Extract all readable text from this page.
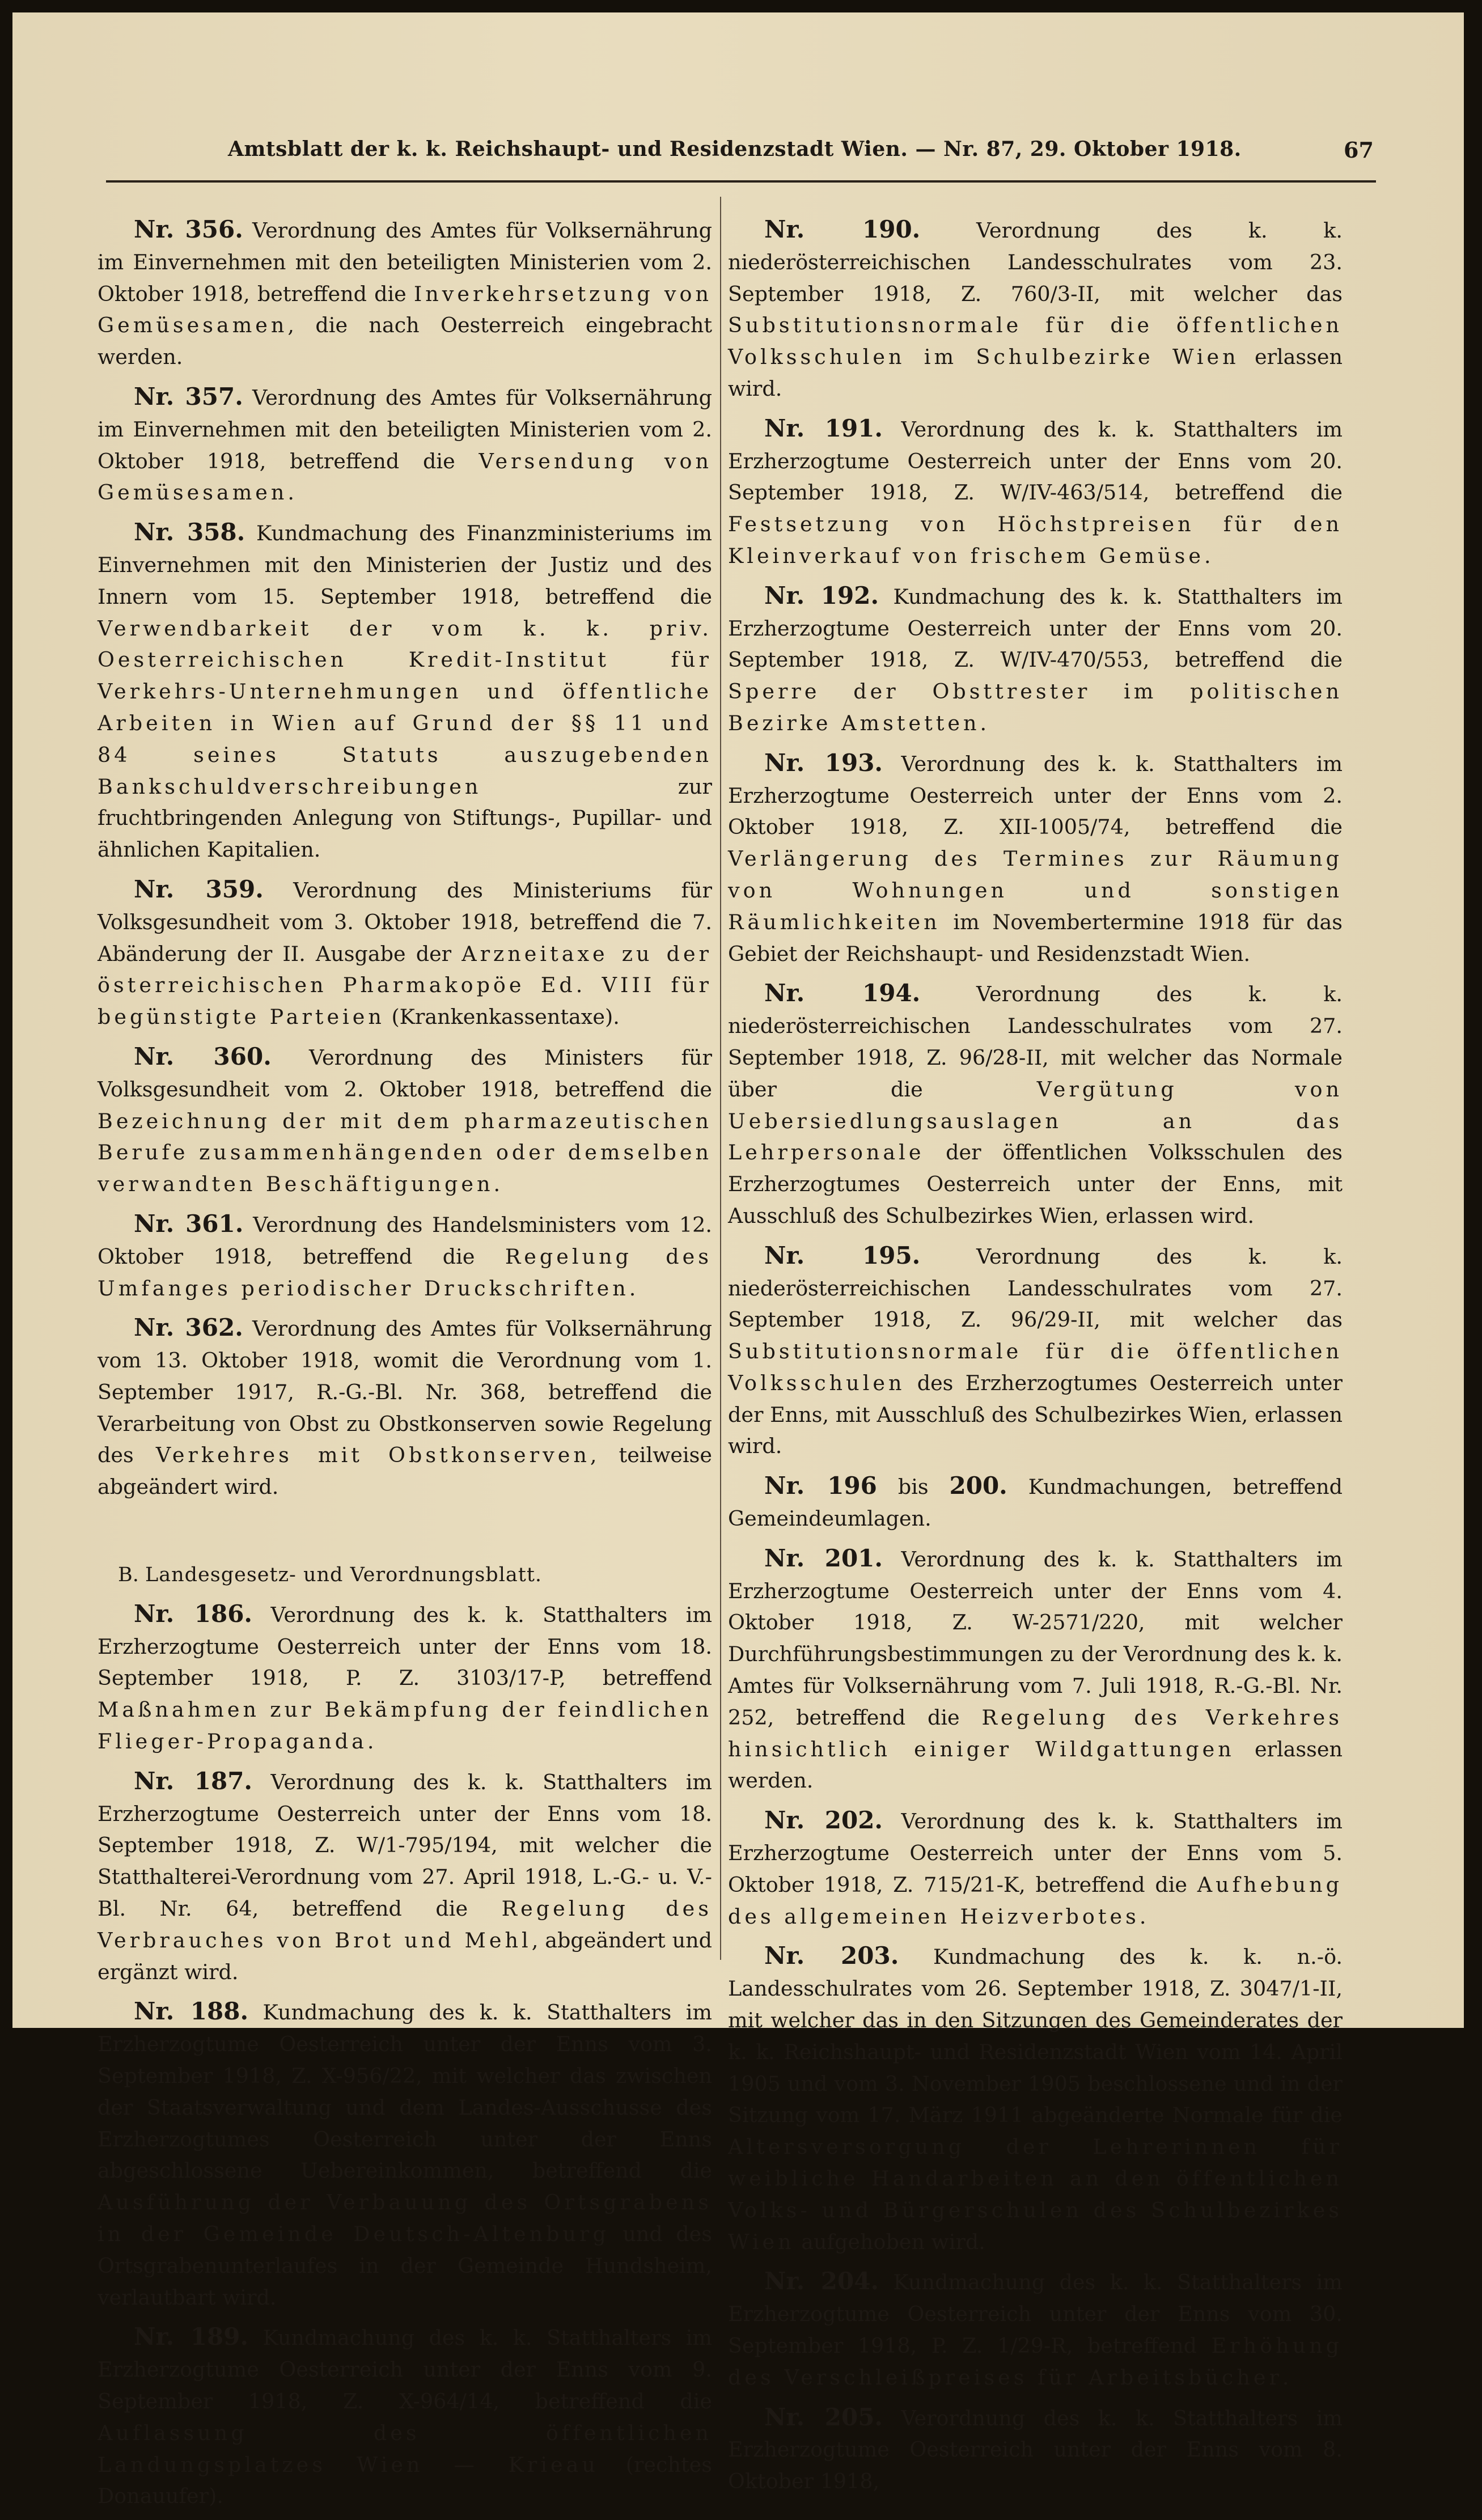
Amtsblatt der k. k. Reichshaupt- und Residenzstadt Wien. — Nr. 87, 29. Oktober 1918.	67

Nr. 356. Verordnung des Amtes für Volksernährung im Einvernehmen mit den beteiligten Ministerien vom 2. Oktober 1918, betreffend die Inverkehrsetzung von Gemüsesamen, die nach Oesterreich eingebracht werden.

Nr. 357. Verordnung des Amtes für Volksernährung im Einvernehmen mit den beteiligten Ministerien vom 2. Oktober 1918, betreffend die Versendung von Gemüsesamen.

Nr. 358. Kundmachung des Finanzministeriums im Einvernehmen mit den Ministerien der Justiz und des Innern vom 15. September 1918, betreffend die Verwendbarkeit der vom k. k. priv. Oesterreichischen Kredit-Institut für Verkehrs-Unternehmungen und öffentliche Arbeiten in Wien auf Grund der §§ 11 und 84 seines Statuts auszugebenden Bankschuldverschreibungen zur fruchtbringenden Anlegung von Stiftungs-, Pupillar- und ähnlichen Kapitalien.

Nr. 359. Verordnung des Ministeriums für Volksgesundheit vom 3. Oktober 1918, betreffend die 7. Abänderung der II. Ausgabe der Arzneitaxe zu der österreichischen Pharmakopöe Ed. VIII für begünstigte Parteien (Krankenkassentaxe).

Nr. 360. Verordnung des Ministers für Volksgesundheit vom 2. Oktober 1918, betreffend die Bezeichnung der mit dem pharmazeutischen Berufe zusammenhängenden oder demselben verwandten Beschäftigungen.

Nr. 361. Verordnung des Handelsministers vom 12. Oktober 1918, betreffend die Regelung des Umfanges periodischer Druckschriften.

Nr. 362. Verordnung des Amtes für Volksernährung vom 13. Oktober 1918, womit die Verordnung vom 1. September 1917, R.-G.-Bl. Nr. 368, betreffend die Verarbeitung von Obst zu Obstkonserven sowie Regelung des Verkehres mit Obstkonserven, teilweise abgeändert wird.

B. Landesgesetz- und Verordnungsblatt.

Nr. 186. Verordnung des k. k. Statthalters im Erzherzogtume Oesterreich unter der Enns vom 18. September 1918, P. Z. 3103/17-P, betreffend Maßnahmen zur Bekämpfung der feindlichen Flieger-Propaganda.

Nr. 187. Verordnung des k. k. Statthalters im Erzherzogtume Oesterreich unter der Enns vom 18. September 1918, Z. W/1-795/194, mit welcher die Statthalterei-Verordnung vom 27. April 1918, L.-G.- u. V.-Bl. Nr. 64, betreffend die Regelung des Verbrauches von Brot und Mehl, abgeändert und ergänzt wird.

Nr. 188. Kundmachung des k. k. Statthalters im Erzherzogtume Oesterreich unter der Enns vom 3. September 1918, Z. X-956/22, mit welcher das zwischen der Staatsverwaltung und dem Landes-Ausschusse des Erzherzogtumes Oesterreich unter der Enns abgeschlossene Uebereinkommen, betreffend die Ausführung der Verbauung des Ortsgrabens in der Gemeinde Deutsch-Altenburg und des Ortsgrabenunterlaufes in der Gemeinde Hundsheim, verlautbart wird.

Nr. 189. Kundmachung des k. k. Statthalters im Erzherzogtume Oesterreich unter der Enns vom 9. September 1918, Z. X-964/14, betreffend die Auflassung des öffentlichen Landungsplatzes Wien — Krieau (rechtes Donauufer).

Nr. 190. Verordnung des k. k. niederösterreichischen Landesschulrates vom 23. September 1918, Z. 760/3-II, mit welcher das Substitutionsnormale für die öffentlichen Volksschulen im Schulbezirke Wien erlassen wird.

Nr. 191. Verordnung des k. k. Statthalters im Erzherzogtume Oesterreich unter der Enns vom 20. September 1918, Z. W/IV-463/514, betreffend die Festsetzung von Höchstpreisen für den Kleinverkauf von frischem Gemüse.

Nr. 192. Kundmachung des k. k. Statthalters im Erzherzogtume Oesterreich unter der Enns vom 20. September 1918, Z. W/IV-470/553, betreffend die Sperre der Obsttrester im politischen Bezirke Amstetten.

Nr. 193. Verordnung des k. k. Statthalters im Erzherzogtume Oesterreich unter der Enns vom 2. Oktober 1918, Z. XII-1005/74, betreffend die Verlängerung des Termines zur Räumung von Wohnungen und sonstigen Räumlichkeiten im Novembertermine 1918 für das Gebiet der Reichshaupt- und Residenzstadt Wien.

Nr. 194. Verordnung des k. k. niederösterreichischen Landesschulrates vom 27. September 1918, Z. 96/28-II, mit welcher das Normale über die Vergütung von Uebersiedlungsauslagen an das Lehrpersonale der öffentlichen Volksschulen des Erzherzogtumes Oesterreich unter der Enns, mit Ausschluß des Schulbezirkes Wien, erlassen wird.

Nr. 195. Verordnung des k. k. niederösterreichischen Landesschulrates vom 27. September 1918, Z. 96/29-II, mit welcher das Substitutionsnormale für die öffentlichen Volksschulen des Erzherzogtumes Oesterreich unter der Enns, mit Ausschluß des Schulbezirkes Wien, erlassen wird.

Nr. 196 bis 200. Kundmachungen, betreffend Gemeindeumlagen.

Nr. 201. Verordnung des k. k. Statthalters im Erzherzogtume Oesterreich unter der Enns vom 4. Oktober 1918, Z. W-2571/220, mit welcher Durchführungsbestimmungen zu der Verordnung des k. k. Amtes für Volksernährung vom 7. Juli 1918, R.-G.-Bl. Nr. 252, betreffend die Regelung des Verkehres hinsichtlich einiger Wildgattungen erlassen werden.

Nr. 202. Verordnung des k. k. Statthalters im Erzherzogtume Oesterreich unter der Enns vom 5. Oktober 1918, Z. 715/21-K, betreffend die Aufhebung des allgemeinen Heizverbotes.

Nr. 203. Kundmachung des k. k. n.-ö. Landesschulrates vom 26. September 1918, Z. 3047/1-II, mit welcher das in den Sitzungen des Gemeinderates der k. k. Reichshaupt- und Residenzstadt Wien vom 14. April 1905 und vom 3. November 1905 beschlossene und in der Sitzung vom 17. März 1911 abgeänderte Normale für die Altersversorgung der Lehrerinnen für weibliche Handarbeiten an den öffentlichen Volks- und Bürgerschulen des Schulbezirkes Wien aufgehoben wird.

Nr. 204. Kundmachung des k. k. Statthalters im Erzherzogtume Oesterreich unter der Enns vom 30. September 1918, P. Z. 1/29-R, betreffend Erhöhung des Verschleißpreises für Arbeitsbücher.

Nr. 205. Verordnung des k. k. Statthalters im Erzherzogtume Oesterreich unter der Enns vom 8. Oktober 1918,
